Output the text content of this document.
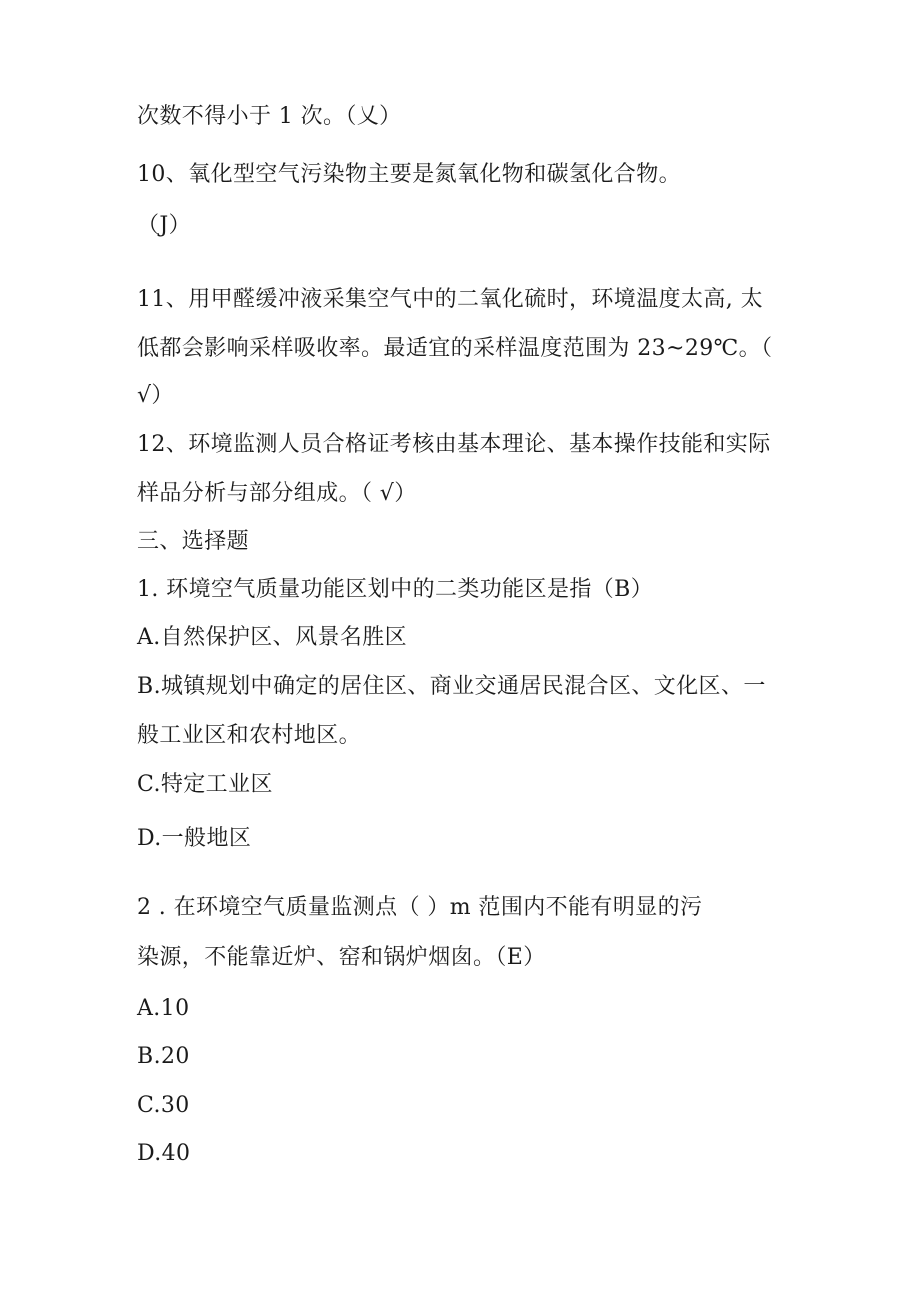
次数不得小于 1 次。（乂）
10、氧化型空气污染物主要是氮氧化物和碳氢化合物。
（J）
11、用甲醛缓冲液采集空气中的二氧化硫时，环境温度太高, 太
低都会影响采样吸收率。最适宜的采样温度范围为 23~29℃。（
√）
12、环境监测人员合格证考核由基本理论、基本操作技能和实际
样品分析与部分组成。（ √）
三、选择题
1. 环境空气质量功能区划中的二类功能区是指（B）
A.自然保护区、风景名胜区
B.城镇规划中确定的居住区、商业交通居民混合区、文化区、一
般工业区和农村地区。
C.特定工业区
D.一般地区
2 . 在环境空气质量监测点（ ）m 范围内不能有明显的污
染源，不能靠近炉、窑和锅炉烟囱。（E）
A.10
B.20
C.30
D.40
